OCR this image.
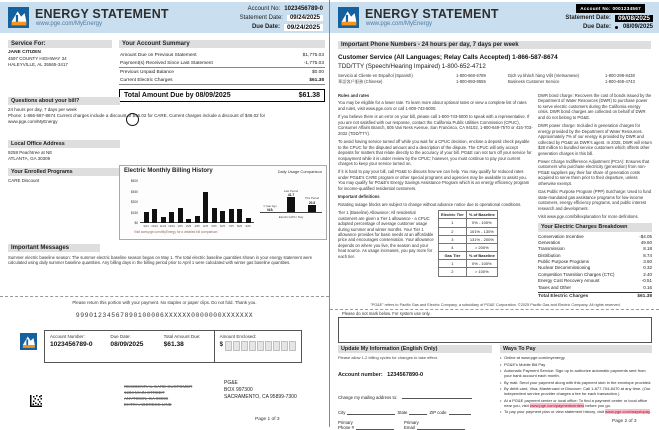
ENERGY STATEMENT
www.pge.com/MyEnergy
Account No: 1023456789-0
Statement Date:	09/24/2025
Due Date:	09/24/2025
Service For:
JANE CITIZEN
4597 COUNTY HIGHWAY 34
HALEYVILLE, AL 35565-3417
Your Account Summary
Amount Due on Previous Statement	$1,775.03
Payment(s) Received Since Last Statement	-1,775.03
Previous Unpaid Balance	$0.00
Current Electric Charges	$61.38
Total Amount Due by 08/09/2025	$61.38
Questions about your bill?
24 hours per day, 7 days per week
Phone: 1-866-587-8674 Current charges include a discount of $46.02 for CARE. Current charges include a discount of $46.02 for
www.pge.com/MyEnergy
Local Office Address
9258 Peachtree at NE
ATLANTA, GA 30309
Your Enrolled Programs
CARE Discount
Electric Monthly Billing History	Daily Usage Comparison
$600
$450
$300
$150
$0
9/24 10/24 11/24 12/24 1/25 2/25 3/25 4/25 5/25 6/25 7/25 8/25 9/25
Visit www.pge.com/MyEnergy for a detailed bill comparison
1 Year Ago
N/A
Last Period
41.7
This Period
20.8
Electric kWh / Day
Important Messages
Summer electric baseline season: The summer electric baseline season began on May 1. The total electric baseline quantities shown in your energy statement were calculated using daily summer baseline quantities. Any billing days in the billing period prior to April 1 were calculated with winter gas baseline quantities.
Please return this portion with your payment. No staples or paper clips. Do not fold. Thank you.
99901234567890100006XXXXXX0000000XXXXXXX
Account Number:
1023456789-0
Due Date:
08/09/2025
Total Amount Due:
$61.38
Amount Enclosed:
$
RESIDENTIAL CARE CUSTOMER
1234 MAIN STREET
ANYTOWN, CA 99999
EXTRA ADDRESS LINE
PG&E
BOX 997300
SACRAMENTO, CA 95899-7300
Page 1 of 3
ENERGY STATEMENT
www.pge.com/MyEnergy
Account No: 0001234567
Statement Date:	09/08/2025
Due Date: 08/09/2025
Important Phone Numbers - 24 hours per day, 7 days per week
Customer Service (All Languages; Relay Calls Accepted) 1-866-587-8674
TDD/TTY (Speech/Hearing Impaired) 1-800-652-4712
Servicio al Cliente en Español (Spanish)	1-800-660-6789	Dịch vụ khách hàng Việt (Vietnamese)	1-800-298-8438
華語客戶服務 (Chinese)	1-800-893-9555	Business Customer Service	1-800-468-4743
Rules and rates

You may be eligible for a lower rate. To learn more about optional rates or view a complete list of rates and rules, visit www.pge.com or call 1-800-743-5000.

If you believe there is an error on your bill, please call 1-800-743-5000 to speak with a representative. If you are not satisfied with our response, contact the California Public Utilities Commission (CPUC), Consumer Affairs Branch, 505 Van Ness Avenue, San Francisco, CA 94102, 1-800-649-7570 or 415-703-2032 (TDD/TTY).

To avoid having service turned off while you wait for a CPUC decision, enclose a deposit check payable to the CPUC for the disputed amount and a description of the dispute. The CPUC will only accept deposits for matters that relate directly to the accuracy of your bill. PG&E can not turn off your service for nonpayment while it is under review by the CPUC; however, you must continue to pay your current charges to keep your service turned on.

If it is hard to pay your bill, call PG&E to discuss how we can help. You may qualify for reduced rates under PG&E's CARE program or other special programs and agencies may be available to assist you. You may qualify for PG&E's Energy Savings Assistance Program which is an energy efficiency program for income-qualified residential customers.

Important definitions

Rotating outage blocks are subject to change without advance notice due to operational conditions.

Tier 1 (Baseline) Allowance: All residential customers are given a Tier 1 allowance - a CPUC adopted percentage of average customer usage during summer and winter months. Your Tier 1 allowance provides for basic needs at an affordable price and encourages conservation. Your allowance depends on where you live, the season and your heat source. As usage increases, you pay more for each tier.

Electric Tier	% of Baseline
1	0% - 100%
2	101% - 130%
3	131% - 200%
4	> 200%
Gas Tier	% of Baseline
1	0% - 100%
2	> 100%

DWR bond charge: Recovers the cost of bonds issued by the Department of Water Resources (DWR) to purchase power to serve electric customers during the California energy crisis. DWR bond charges are collected on behalf of DWR and do not belong to PG&E.

DWR power charge: Included in generation charges for energy provided by the Department of Water Resources. Approximately 7% of our energy is provided by DWR and collected by PG&E as DWR's agent. In 2025, DWR will return $28 million to bundled service customers which offsets other generation charges in this bill.

Power Charge Indifference Adjustment (PCIA): Ensures that customers who purchase electricity (generation) from non-PG&E suppliers pay their fair share of generation costs acquired to serve them prior to their departure, unless otherwise exempt.

Gas Public Purpose Program (PPP) Surcharge: Used to fund state-mandated gas assistance programs for low-income customers, energy efficiency programs, and public interest research and development.

Visit www.pge.com/billexplanation for more definitions.

Your Electric Charges Breakdown
Conservation Incentive	-$4.05
Generation	49.60
Transmission	8.18
Distribution	8.74
Public Purpose Programs	3.60
Nuclear Decommissioning	0.32
Competition Transition Charges (CTC)	2.40
Energy Cost Recovery Amount	-0.51
Taxes and Other	0.16
Total Electric Charges	$61.38
"PG&E" refers to Pacific Gas and Electric Company, a subsidiary of PG&E Corporation. ©2025 Pacific Gas and Electric Company. All rights reserved.
Please do not mark below. For system use only.
Update My Information (English Only)
Please allow 1-2 billing cycles for changes to take effect.
Account number: 1234567890-0
Change my mailing address to:
City	State	ZIP code
Primary
Phone #
Primary
Email
Ways To Pay
• Online at www.pge.com/myenergy
• PG&E's Mobile Bill Pay
• Automatic Payment Service: Sign up to authorize automatic payments sent from your bank account each month.
• By mail: Send your payment along with this payment stub in the envelope provided.
• By debit card, Visa, Mastercard or Discover: Call 1-877-704-8470 at any time. (Our independent service provider charges a fee for each transaction.)
• At a PG&E payment center or local office: To find a payment center or local office near you, visit www.pge.com/paymentcenters before you go.
• To pay your payment plan or view statement history, visit www.pge.com/waystopay.
Page 2 of 3
